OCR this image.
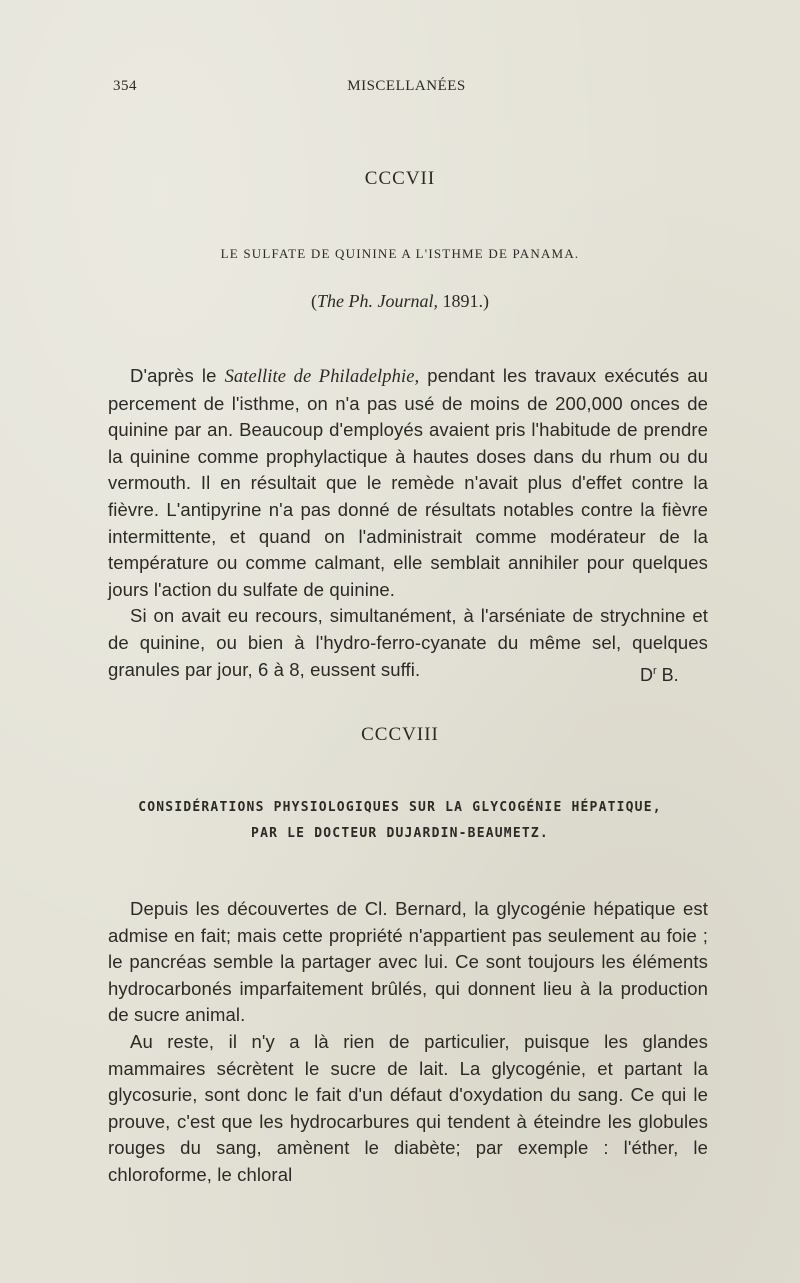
354	MISCELLANÉES
CCCVII
LE SULFATE DE QUININE A L'ISTHME DE PANAMA.
(The Ph. Journal, 1891.)

D'après le Satellite de Philadelphie, pendant les travaux exécutés au percement de l'isthme, on n'a pas usé de moins de 200,000 onces de quinine par an. Beaucoup d'employés avaient pris l'habitude de prendre la quinine comme prophylactique à hautes doses dans du rhum ou du vermouth. Il en résultait que le remède n'avait plus d'effet contre la fièvre. L'antipyrine n'a pas donné de résultats notables contre la fièvre intermittente, et quand on l'administrait comme modérateur de la température ou comme calmant, elle semblait annihiler pour quelques jours l'action du sulfate de quinine.

Si on avait eu recours, simultanément, à l'arséniate de strychnine et de quinine, ou bien à l'hydro-ferro-cyanate du même sel, quelques granules par jour, 6 à 8, eussent suffi.	$D^r$ B.
CCCVIII
CONSIDÉRATIONS PHYSIOLOGIQUES SUR LA GLYCOGÉNIE HÉPATIQUE,
PAR LE DOCTEUR DUJARDIN-BEAUMETZ.

Depuis les découvertes de Cl. Bernard, la glycogénie hépatique est admise en fait; mais cette propriété n'appartient pas seulement au foie ; le pancréas semble la partager avec lui. Ce sont toujours les éléments hydrocarbonés imparfaitement brûlés, qui donnent lieu à la production de sucre animal.

Au reste, il n'y a là rien de particulier, puisque les glandes mammaires sécrètent le sucre de lait. La glycogénie, et partant la glycosurie, sont donc le fait d'un défaut d'oxydation du sang. Ce qui le prouve, c'est que les hydrocarbures qui tendent à éteindre les globules rouges du sang, amènent le diabète; par exemple : l'éther, le chloroforme, le chloral
